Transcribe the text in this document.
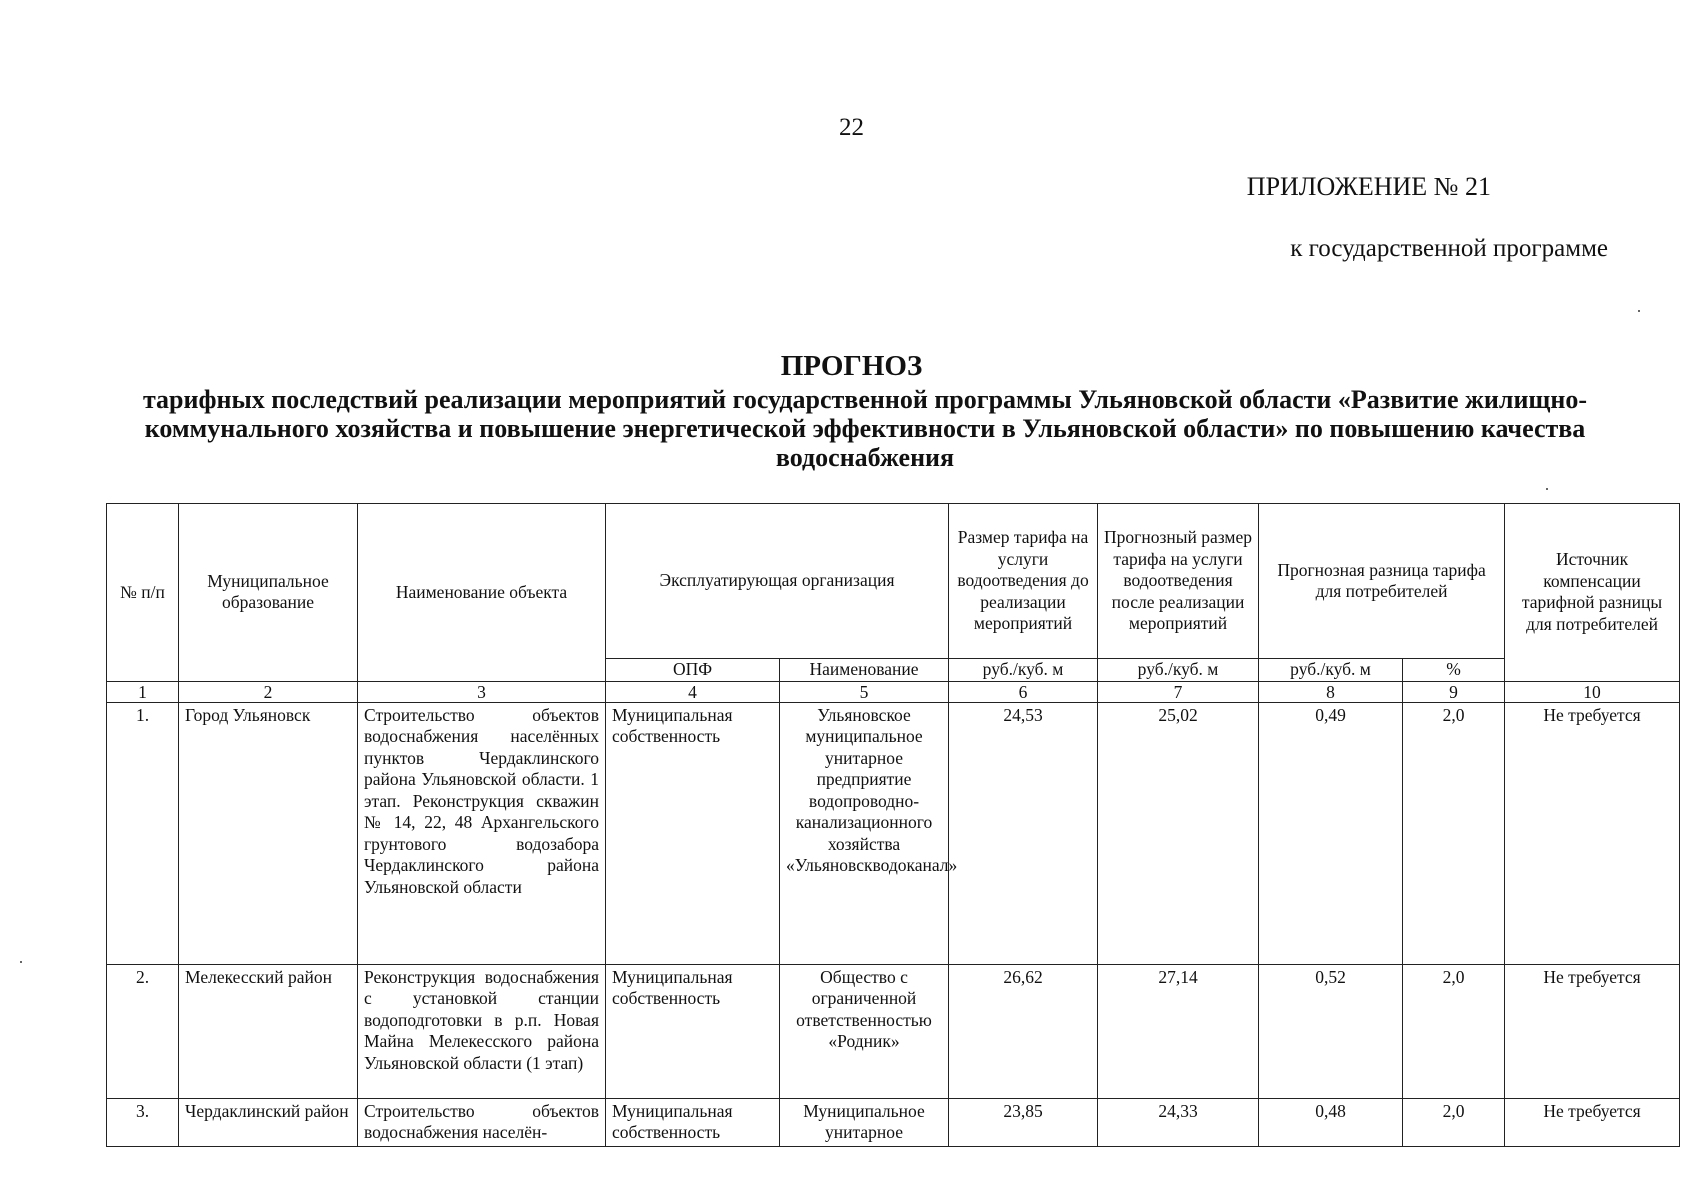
22
ПРИЛОЖЕНИЕ № 21
к государственной программе
ПРОГНОЗ
тарифных последствий реализации мероприятий государственной программы Ульяновской области «Развитие жилищно-коммунального хозяйства и повышение энергетической эффективности в Ульяновской области» по повышению качества водоснабжения
№ п/п	Муниципальное образование	Наименование объекта	Эксплуатирующая организация		Размер тарифа на услуги водоотведения до реализации мероприятий	Прогнозный размер тарифа на услуги водоотведения после реализации мероприятий	Прогнозная разница тарифа для потребителей		Источник компенсации тарифной разницы для потребителей
			ОПФ	Наименование	руб./куб. м	руб./куб. м	руб./куб. м	%	
1	2	3	4	5	6	7	8	9	10
1.	Город Ульяновск	Строительство объектов водоснабжения населённых пунктов Чердаклинского района Ульяновской области. 1 этап. Реконструкция скважин № 14, 22, 48 Архангельского грунтового водозабора Чердаклинского района Ульяновской области	Муниципальная собственность	Ульяновское муниципальное унитарное предприятие водопроводно-канализационного хозяйства «Ульяновскводоканал»	24,53	25,02	0,49	2,0	Не требуется
2.	Мелекесский район	Реконструкция водоснабжения с установкой станции водоподготовки в р.п. Новая Майна Мелекесского района Ульяновской области (1 этап)	Муниципальная собственность	Общество с ограниченной ответственностью «Родник»	26,62	27,14	0,52	2,0	Не требуется
3.	Чердаклинский район	Строительство объектов водоснабжения населён-	Муниципальная собственность	Муниципальное унитарное	23,85	24,33	0,48	2,0	Не требуется
